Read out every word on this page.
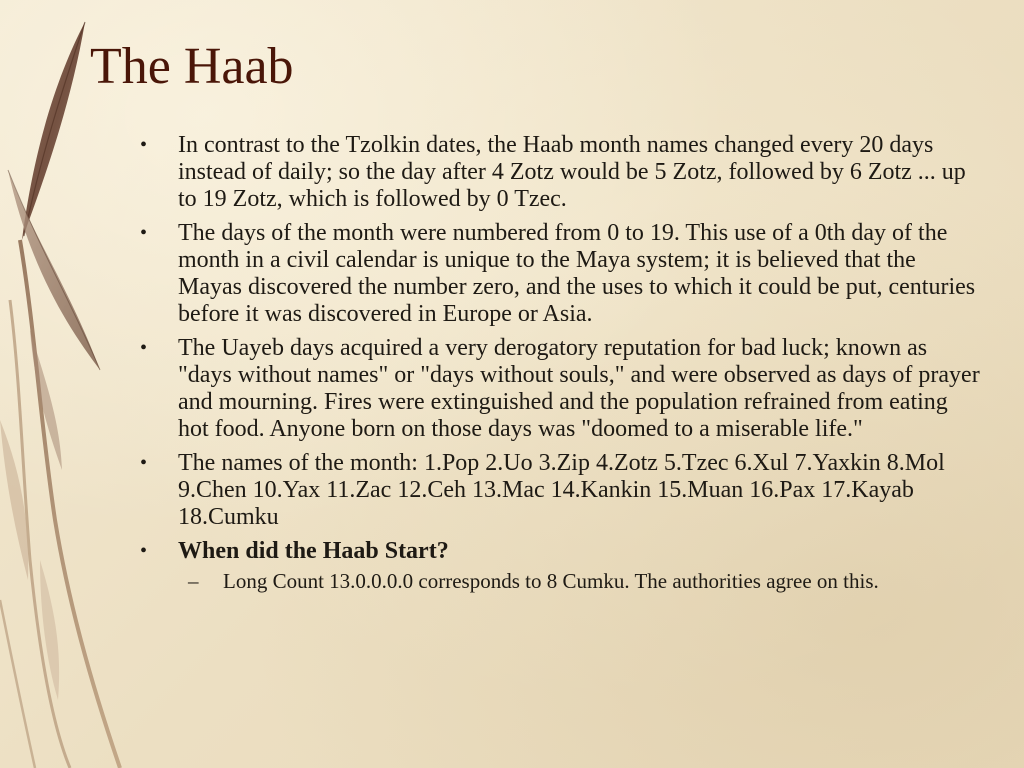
The Haab
• In contrast to the Tzolkin dates, the Haab month names changed every 20 days instead of daily; so the day after 4 Zotz would be 5 Zotz, followed by 6 Zotz ... up to 19 Zotz, which is followed by 0 Tzec.
• The days of the month were numbered from 0 to 19. This use of a 0th day of the month in a civil calendar is unique to the Maya system; it is believed that the Mayas discovered the number zero, and the uses to which it could be put, centuries before it was discovered in Europe or Asia.
• The Uayeb days acquired a very derogatory reputation for bad luck; known as "days without names" or "days without souls," and were observed as days of prayer and mourning. Fires were extinguished and the population refrained from eating hot food. Anyone born on those days was "doomed to a miserable life."
• The names of the month: 1.Pop 2.Uo 3.Zip 4.Zotz 5.Tzec 6.Xul 7.Yaxkin 8.Mol 9.Chen 10.Yax 11.Zac 12.Ceh 13.Mac 14.Kankin 15.Muan 16.Pax 17.Kayab 18.Cumku
• When did the Haab Start?
– Long Count 13.0.0.0.0 corresponds to 8 Cumku. The authorities agree on this.
